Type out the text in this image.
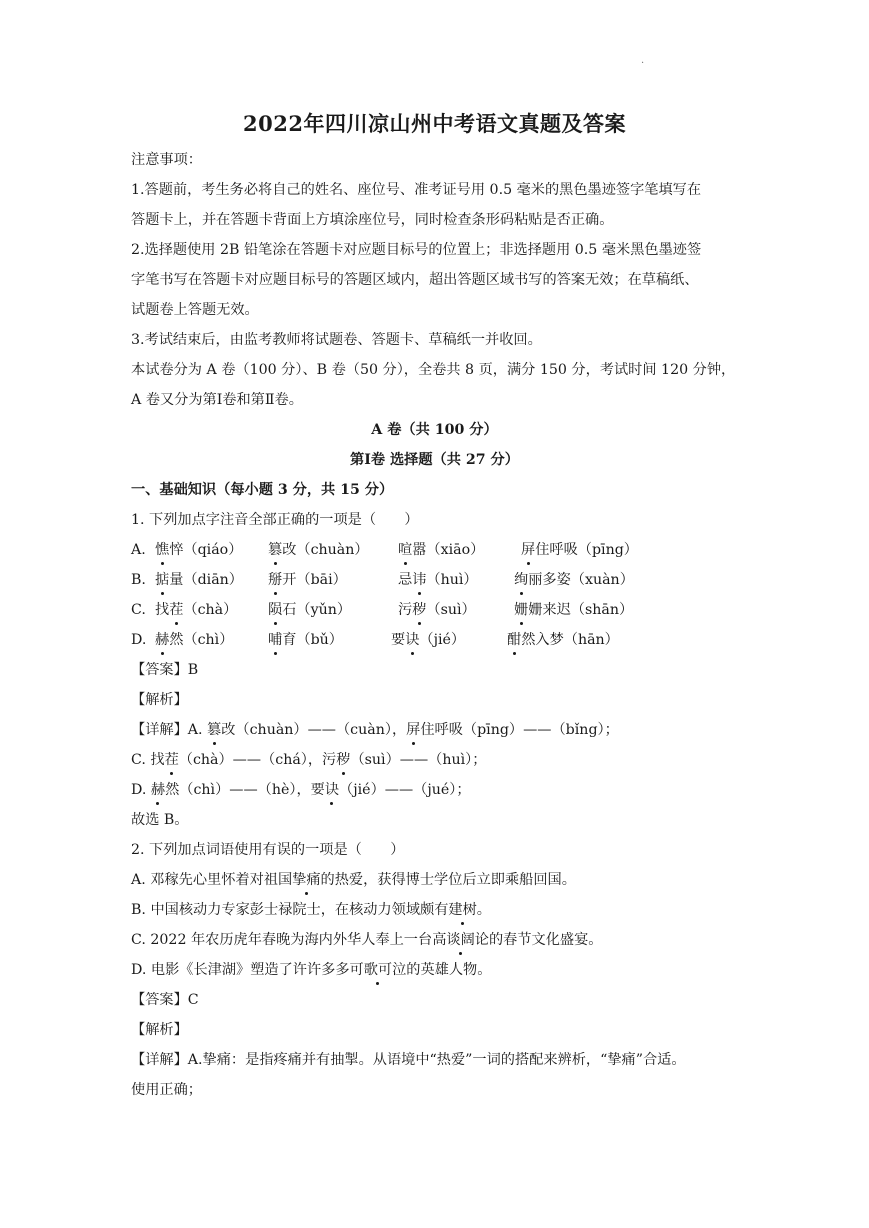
·
2022年四川凉山州中考语文真题及答案
注意事项：
1.答题前，考生务必将自己的姓名、座位号、准考证号用 0.5 毫米的黑色墨迹签字笔填写在
答题卡上，并在答题卡背面上方填涂座位号，同时检查条形码粘贴是否正确。
2.选择题使用 2B 铅笔涂在答题卡对应题目标号的位置上；非选择题用 0.5 毫米黑色墨迹签
字笔书写在答题卡对应题目标号的答题区域内，超出答题区域书写的答案无效；在草稿纸、
试题卷上答题无效。
3.考试结束后，由监考教师将试题卷、答题卡、草稿纸一并收回。
本试卷分为 A 卷（100 分）、B 卷（50 分），全卷共 8 页，满分 150 分，考试时间 120 分钟，
A 卷又分为第Ⅰ卷和第Ⅱ卷。
A 卷（共 100 分）
第Ⅰ卷 选择题（共 27 分）
一、基础知识（每小题 3 分，共 15 分）
1. 下列加点字注音全部正确的一项是（　　）
A. 憔悴（qiáo） 篡改（chuàn） 喧嚣（xiāo）	屏住呼吸（pīng）
B. 掂量（diān） 掰开（bāi）	忌讳（huì）	绚丽多姿（xuàn）
C. 找茬（chà） 陨石（yǔn）	污秽（suì）	姗姗来迟（shān）
D. 赫然（chì） 哺育（bǔ）	要诀（jié）	酣然入梦（hān）
【答案】B
【解析】
【详解】A. 篡改（chuàn）——（cuàn），屏住呼吸（pīng）——（bǐng）；
C. 找茬（chà）——（chá），污秽（suì）——（huì）；
D. 赫然（chì）——（hè），要诀（jié）——（jué）；
故选 B。
2. 下列加点词语使用有误的一项是（　　）
A. 邓稼先心里怀着对祖国挚痛的热爱，获得博士学位后立即乘船回国。
B. 中国核动力专家彭士禄院士，在核动力领域颇有建树。
C. 2022 年农历虎年春晚为海内外华人奉上一台高谈阔论的春节文化盛宴。
D. 电影《长津湖》塑造了许许多多可歌可泣的英雄人物。
【答案】C
【解析】
【详解】A.挚痛：是指疼痛并有抽掣。从语境中“热爱”一词的搭配来辨析，“挚痛”合适。
使用正确；
